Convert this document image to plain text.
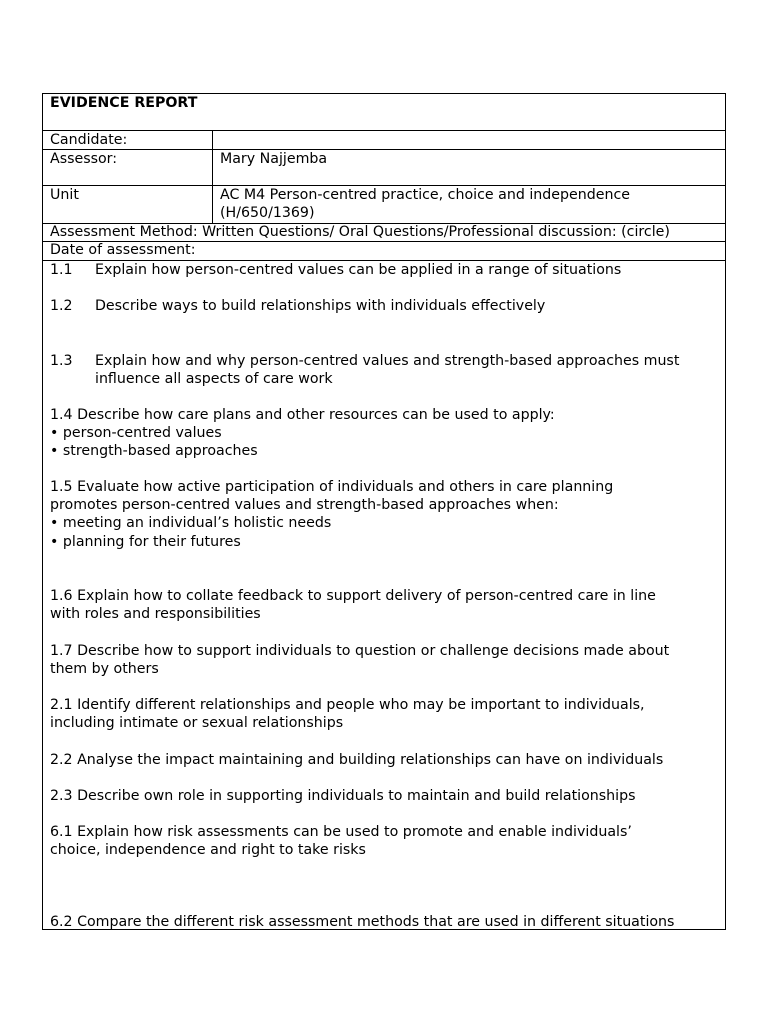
EVIDENCE REPORT
Candidate:
Assessor:	Mary Najjemba
Unit	AC M4 Person-centred practice, choice and independence
(H/650/1369)
Assessment Method: Written Questions/ Oral Questions/Professional discussion: (circle)
Date of assessment:
1.1	Explain how person-centred values can be applied in a range of situations
1.2	Describe ways to build relationships with individuals effectively
1.3	Explain how and why person-centred values and strength-based approaches must
influence all aspects of care work
1.4 Describe how care plans and other resources can be used to apply:
• person-centred values
• strength-based approaches
1.5 Evaluate how active participation of individuals and others in care planning
promotes person-centred values and strength-based approaches when:
• meeting an individual’s holistic needs
• planning for their futures
1.6 Explain how to collate feedback to support delivery of person-centred care in line
with roles and responsibilities
1.7 Describe how to support individuals to question or challenge decisions made about
them by others
2.1 Identify different relationships and people who may be important to individuals,
including intimate or sexual relationships
2.2 Analyse the impact maintaining and building relationships can have on individuals
2.3 Describe own role in supporting individuals to maintain and build relationships
6.1 Explain how risk assessments can be used to promote and enable individuals’
choice, independence and right to take risks
6.2 Compare the different risk assessment methods that are used in different situations
